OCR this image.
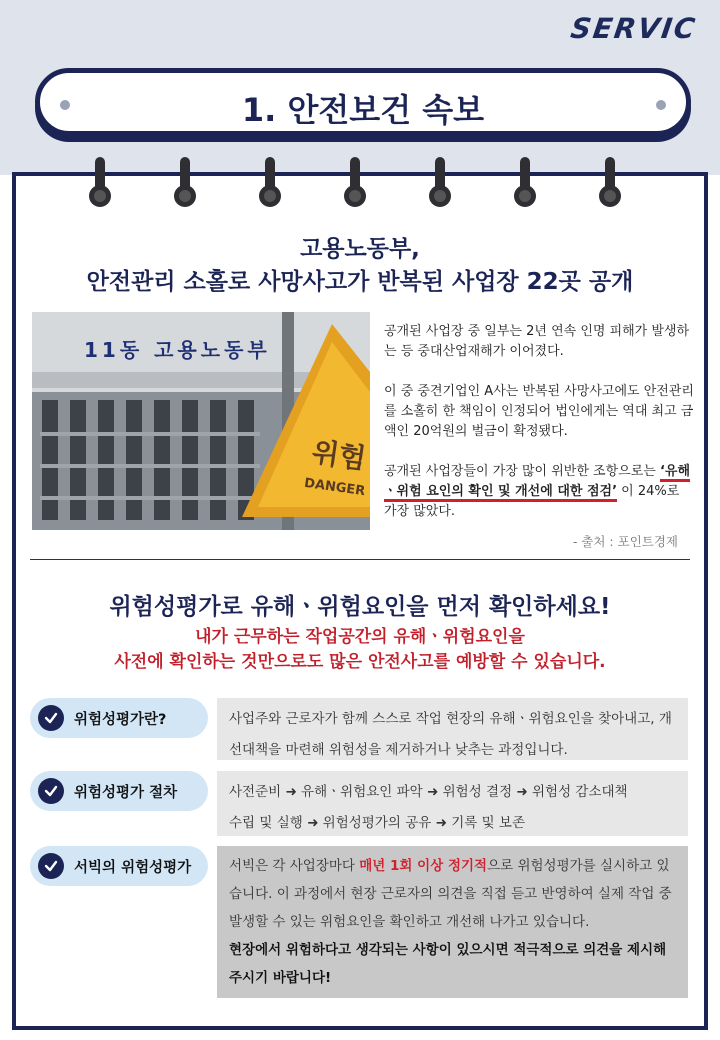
SERVIC
1. 안전보건 속보
고용노동부,
안전관리 소홀로 사망사고가 반복된 사업장 22곳 공개
11동 고용노동부
위험
DANGER

공개된 사업장 중 일부는 2년 연속 인명 피해가 발생하는 등 중대산업재해가 이어졌다.

이 중 중견기업인 A사는 반복된 사망사고에도 안전관리를 소홀히 한 책임이 인정되어 법인에게는 역대 최고 금액인 20억원의 벌금이 확정됐다.

공개된 사업장들이 가장 많이 위반한 조항으로는 ‘유해ㆍ위험 요인의 확인 및 개선에 대한 점검’ 이 24%로 가장 많았다.

- 출처 : 포인트경제
위험성평가로 유해ㆍ위험요인을 먼저 확인하세요!
내가 근무하는 작업공간의 유해ㆍ위험요인을
사전에 확인하는 것만으로도 많은 안전사고를 예방할 수 있습니다.
위험성평가란?	사업주와 근로자가 함께 스스로 작업 현장의 유해ㆍ위험요인을 찾아내고, 개선대책을 마련해 위험성을 제거하거나 낮추는 과정입니다.
위험성평가 절차	사전준비 ➜ 유해ㆍ위험요인 파악 ➜ 위험성 결정 ➜ 위험성 감소대책
수립 및 실행 ➜ 위험성평가의 공유 ➜ 기록 및 보존
서빅의 위험성평가	서빅은 각 사업장마다 매년 1회 이상 정기적으로 위험성평가를 실시하고 있습니다. 이 과정에서 현장 근로자의 의견을 직접 듣고 반영하여 실제 작업 중 발생할 수 있는 위험요인을 확인하고 개선해 나가고 있습니다.
현장에서 위험하다고 생각되는 사항이 있으시면 적극적으로 의견을 제시해 주시기 바랍니다!
